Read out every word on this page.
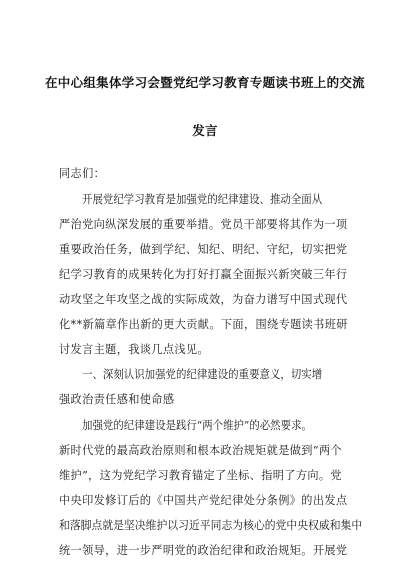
在中心组集体学习会暨党纪学习教育专题读书班上的交流
发言
同志们：
开展党纪学习教育是加强党的纪律建设、推动全面从
严治党向纵深发展的重要举措。党员干部要将其作为一项
重要政治任务，做到学纪、知纪、明纪、守纪，切实把党
纪学习教育的成果转化为打好打赢全面振兴新突破三年行
动攻坚之年攻坚之战的实际成效，为奋力谱写中国式现代
化**新篇章作出新的更大贡献。下面，围绕专题读书班研
讨发言主题，我谈几点浅见。
一、深刻认识加强党的纪律建设的重要意义，切实增
强政治责任感和使命感
加强党的纪律建设是践行“两个维护”的必然要求。
新时代党的最高政治原则和根本政治规矩就是做到“两个
维护”，这为党纪学习教育锚定了坐标、指明了方向。党
中央印发修订后的《中国共产党纪律处分条例》的出发点
和落脚点就是坚决维护以习近平同志为核心的党中央权威和集中
统一领导，进一步严明党的政治纪律和政治规矩。开展党
